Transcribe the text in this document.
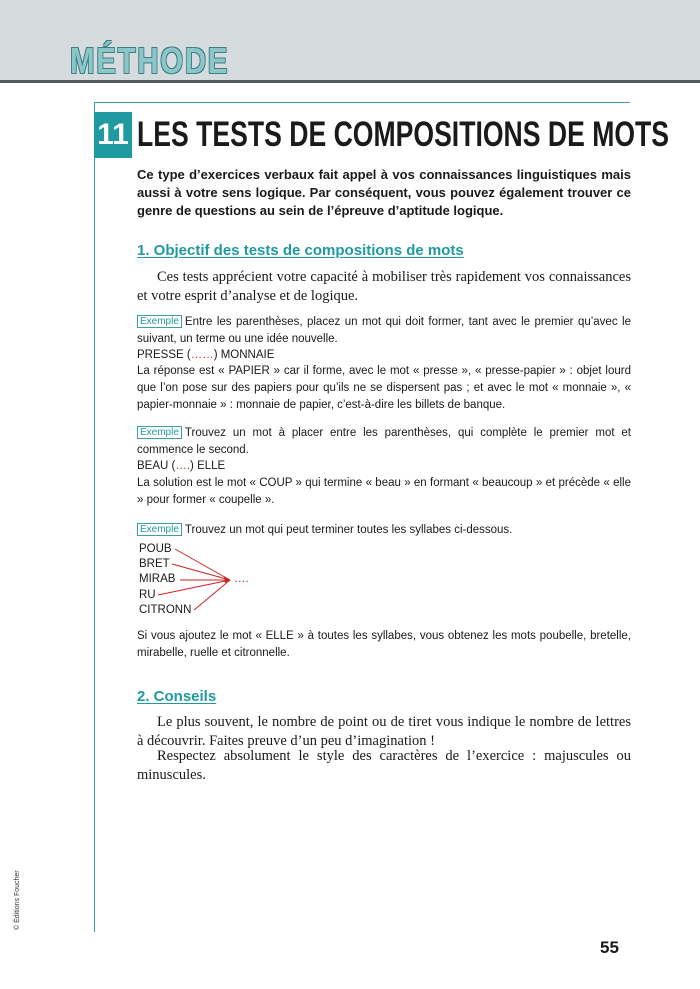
MÉTHODE
11 LES TESTS DE COMPOSITIONS DE MOTS
Ce type d’exercices verbaux fait appel à vos connaissances linguistiques mais aussi à votre sens logique. Par conséquent, vous pouvez également trouver ce genre de questions au sein de l’épreuve d’aptitude logique.
1. Objectif des tests de compositions de mots

Ces tests apprécient votre capacité à mobiliser très rapidement vos connaissances et votre esprit d’analyse et de logique.

Exemple Entre les parenthèses, placez un mot qui doit former, tant avec le premier qu’avec le suivant, un terme ou une idée nouvelle.

PRESSE (……) MONNAIE

La réponse est « PAPIER » car il forme, avec le mot « presse », « presse-papier » : objet lourd que l’on pose sur des papiers pour qu’ils ne se dispersent pas ; et avec le mot « monnaie », « papier-monnaie » : monnaie de papier, c’est-à-dire les billets de banque.

Exemple Trouvez un mot à placer entre les parenthèses, qui complète le premier mot et commence le second.

BEAU (….) ELLE

La solution est le mot « COUP » qui termine « beau » en formant « beaucoup » et précède « elle » pour former « coupelle ».

Exemple Trouvez un mot qui peut terminer toutes les syllabes ci-dessous.

POUB
BRET
MIRAB
RU
CITRONN
….

Si vous ajoutez le mot « ELLE » à toutes les syllabes, vous obtenez les mots poubelle, bretelle, mirabelle, ruelle et citronnelle.

2. Conseils

Le plus souvent, le nombre de point ou de tiret vous indique le nombre de lettres à découvrir. Faites preuve d’un peu d’imagination !

Respectez absolument le style des caractères de l’exercice : majuscules ou minuscules.

© Éditions Foucher
55
